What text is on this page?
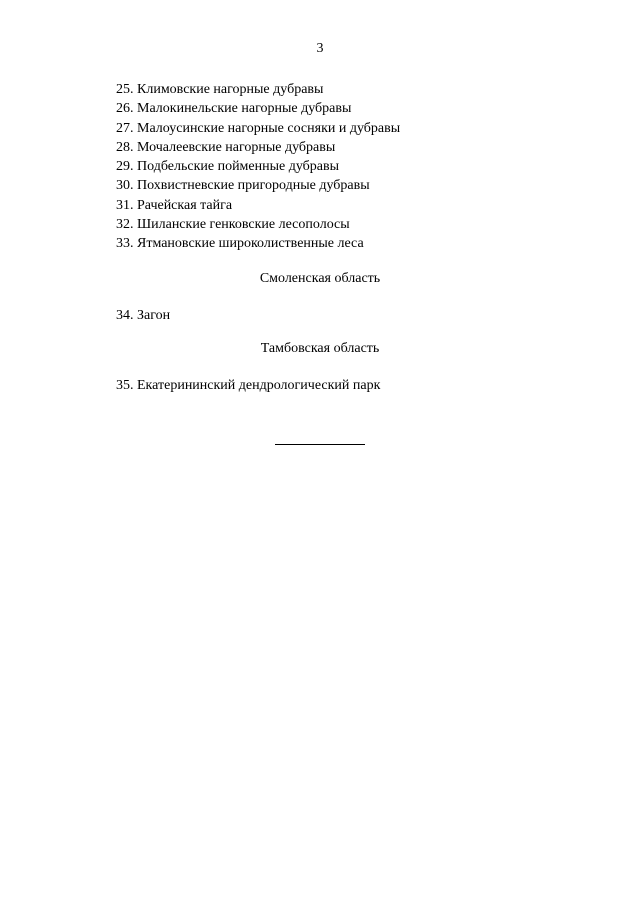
3
25. Климовские нагорные дубравы
26. Малокинельские нагорные дубравы
27. Малоусинские нагорные сосняки и дубравы
28. Мочалеевские нагорные дубравы
29. Подбельские пойменные дубравы
30. Похвистневские пригородные дубравы
31. Рачейская тайга
32. Шиланские генковские лесополосы
33. Ятмановские широколиственные леса
Смоленская область
34. Загон
Тамбовская область
35. Екатерининский дендрологический парк
